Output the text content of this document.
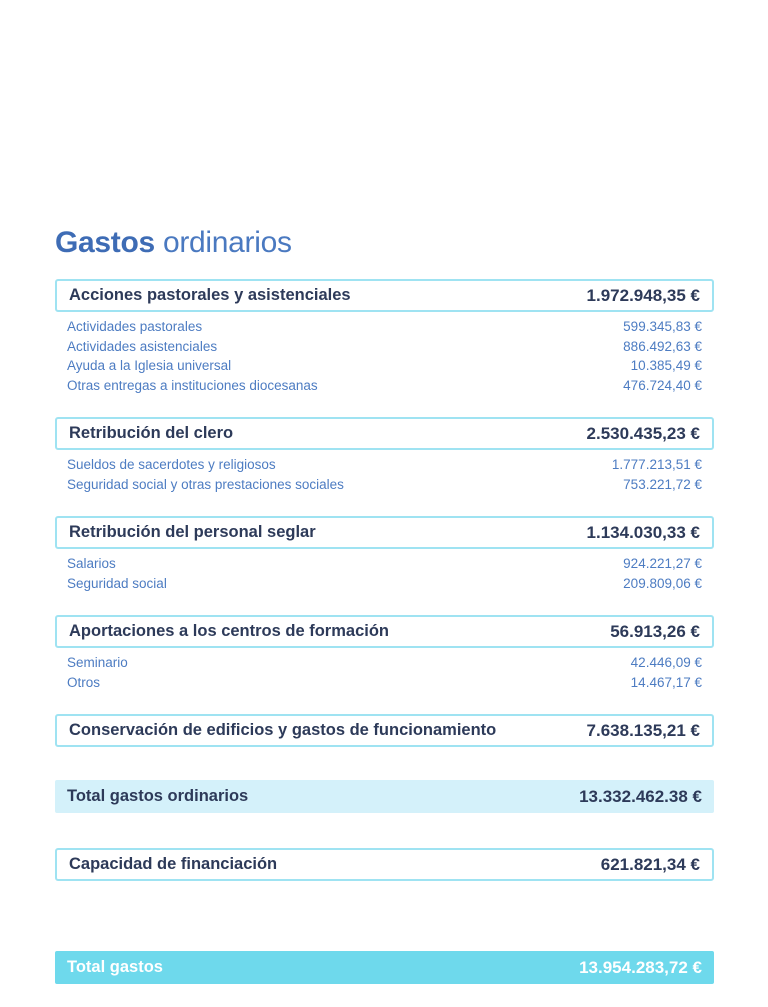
Gastos ordinarios
Acciones pastorales y asistenciales	1.972.948,35 €
Actividades pastorales	599.345,83 €
Actividades asistenciales	886.492,63 €
Ayuda a la Iglesia universal	10.385,49 €
Otras entregas a instituciones diocesanas	476.724,40 €
Retribución del clero	2.530.435,23 €
Sueldos de sacerdotes y religiosos	1.777.213,51 €
Seguridad social y otras prestaciones sociales	753.221,72 €
Retribución del personal seglar	1.134.030,33 €
Salarios	924.221,27 €
Seguridad social	209.809,06 €
Aportaciones a los centros de formación	56.913,26 €
Seminario	42.446,09 €
Otros	14.467,17 €
Conservación de edificios y gastos de funcionamiento	7.638.135,21 €
Total gastos ordinarios	13.332.462.38 €
Capacidad de financiación	621.821,34 €
Total gastos	13.954.283,72 €
